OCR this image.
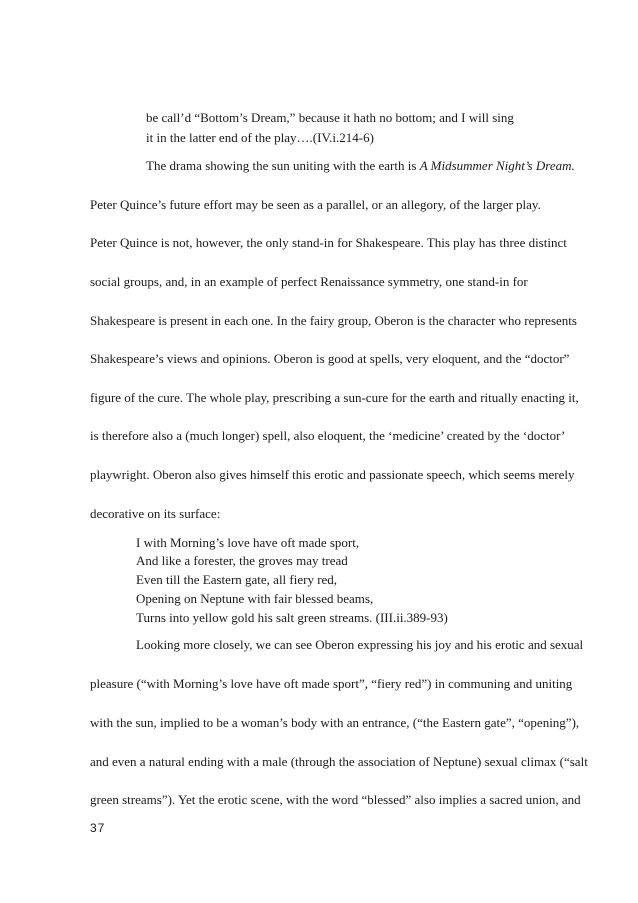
be call’d “Bottom’s Dream,” because it hath no bottom; and I will sing
it in the latter end of the play….(IV.i.214-6)
The drama showing the sun uniting with the earth is A Midsummer Night’s Dream.
Peter Quince’s future effort may be seen as a parallel, or an allegory, of the larger play.
Peter Quince is not, however, the only stand-in for Shakespeare. This play has three distinct
social groups, and, in an example of perfect Renaissance symmetry, one stand-in for
Shakespeare is present in each one. In the fairy group, Oberon is the character who represents
Shakespeare’s views and opinions. Oberon is good at spells, very eloquent, and the “doctor”
figure of the cure. The whole play, prescribing a sun-cure for the earth and ritually enacting it,
is therefore also a (much longer) spell, also eloquent, the ‘medicine’ created by the ‘doctor’
playwright. Oberon also gives himself this erotic and passionate speech, which seems merely
decorative on its surface:
I with Morning’s love have oft made sport,
And like a forester, the groves may tread
Even till the Eastern gate, all fiery red,
Opening on Neptune with fair blessed beams,
Turns into yellow gold his salt green streams. (III.ii.389-93)
Looking more closely, we can see Oberon expressing his joy and his erotic and sexual
pleasure (“with Morning’s love have oft made sport”, “fiery red”) in communing and uniting
with the sun, implied to be a woman’s body with an entrance, (“the Eastern gate”, “opening”),
and even a natural ending with a male (through the association of Neptune) sexual climax (“salt
green streams”). Yet the erotic scene, with the word “blessed” also implies a sacred union, and
37
